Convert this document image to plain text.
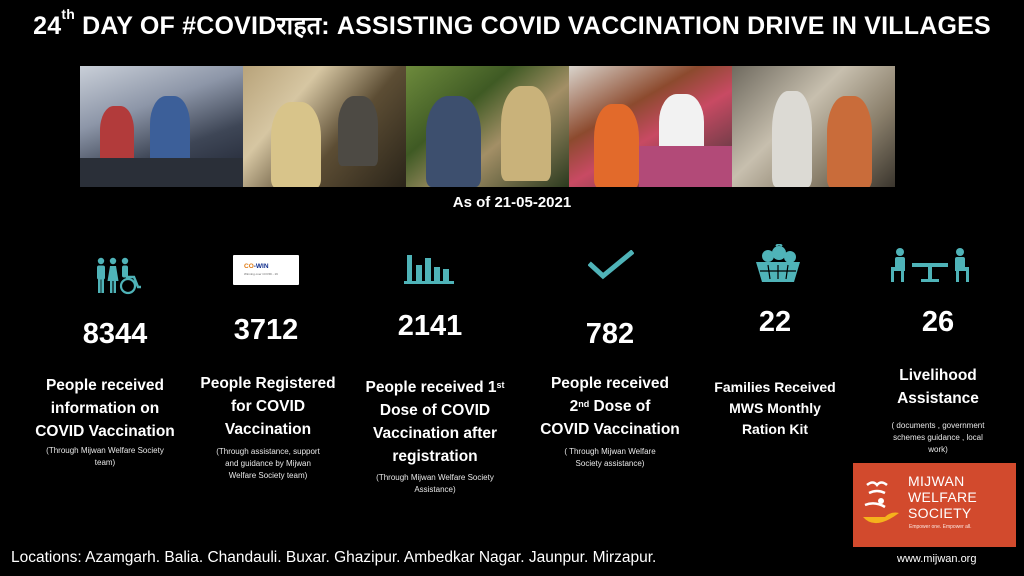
24th DAY OF #COVIDराहत: ASSISTING COVID VACCINATION DRIVE IN VILLAGES
As of 21-05-2021
8344
People received
information on
COVID Vaccination
(Through Mijwan Welfare Society
team)
CO-WIN
Winning over COVID - 19
3712
People Registered
for COVID
Vaccination
(Through assistance, support
and guidance by Mijwan
Welfare Society team)
2141
People received 1st
Dose of COVID
Vaccination after
registration
(Through Mijwan Welfare Society
Assistance)
782
People received
2nd Dose of
COVID Vaccination
( Through Mijwan Welfare
Society assistance)
22
Families Received
MWS Monthly
Ration Kit
26
Livelihood
Assistance
( documents , government
schemes guidance , local
work)
MIJWAN
WELFARE
SOCIETY
Empower one. Empower all.
www.mijwan.org
Locations: Azamgarh. Balia. Chandauli. Buxar. Ghazipur. Ambedkar Nagar. Jaunpur. Mirzapur.
